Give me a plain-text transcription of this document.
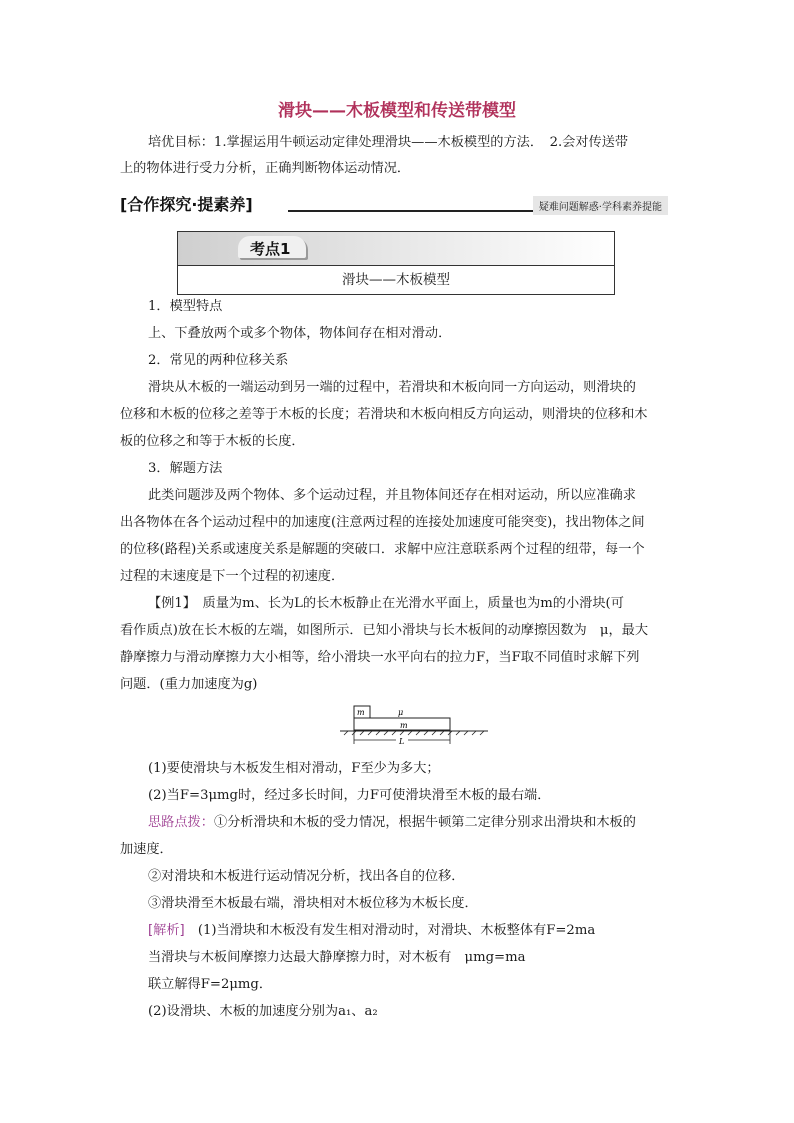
滑块——木板模型和传送带模型
培优目标：1.掌握运用牛顿运动定律处理滑块——木板模型的方法．　2.会对传送带
上的物体进行受力分析，正确判断物体运动情况．
[合作探究·提素养]	疑难问题解惑·学科素养提能
考点1
滑块——木板模型
1．模型特点
上、下叠放两个或多个物体，物体间存在相对滑动．
2．常见的两种位移关系
滑块从木板的一端运动到另一端的过程中，若滑块和木板向同一方向运动，则滑块的
位移和木板的位移之差等于木板的长度；若滑块和木板向相反方向运动，则滑块的位移和木
板的位移之和等于木板的长度．
3．解题方法
此类问题涉及两个物体、多个运动过程，并且物体间还存在相对运动，所以应准确求
出各物体在各个运动过程中的加速度(注意两过程的连接处加速度可能突变)，找出物体之间
的位移(路程)关系或速度关系是解题的突破口．求解中应注意联系两个过程的纽带，每一个
过程的末速度是下一个过程的初速度．
【例1】　质量为m、长为L的长木板静止在光滑水平面上，质量也为m的小滑块(可
看作质点)放在长木板的左端，如图所示．已知小滑块与长木板间的动摩擦因数为　μ，最大
静摩擦力与滑动摩擦力大小相等，给小滑块一水平向右的拉力F，当F取不同值时求解下列
问题．(重力加速度为g)
m	μ
m
L
(1)要使滑块与木板发生相对滑动，F至少为多大；
(2)当F=3μmg时，经过多长时间，力F可使滑块滑至木板的最右端．
思路点拨：①分析滑块和木板的受力情况，根据牛顿第二定律分别求出滑块和木板的
加速度．
②对滑块和木板进行运动情况分析，找出各自的位移．
③滑块滑至木板最右端，滑块相对木板位移为木板长度．
[解析]　(1)当滑块和木板没有发生相对滑动时，对滑块、木板整体有F=2ma
当滑块与木板间摩擦力达最大静摩擦力时，对木板有　μmg=ma
联立解得F=2μmg．
(2)设滑块、木板的加速度分别为a₁、a₂
